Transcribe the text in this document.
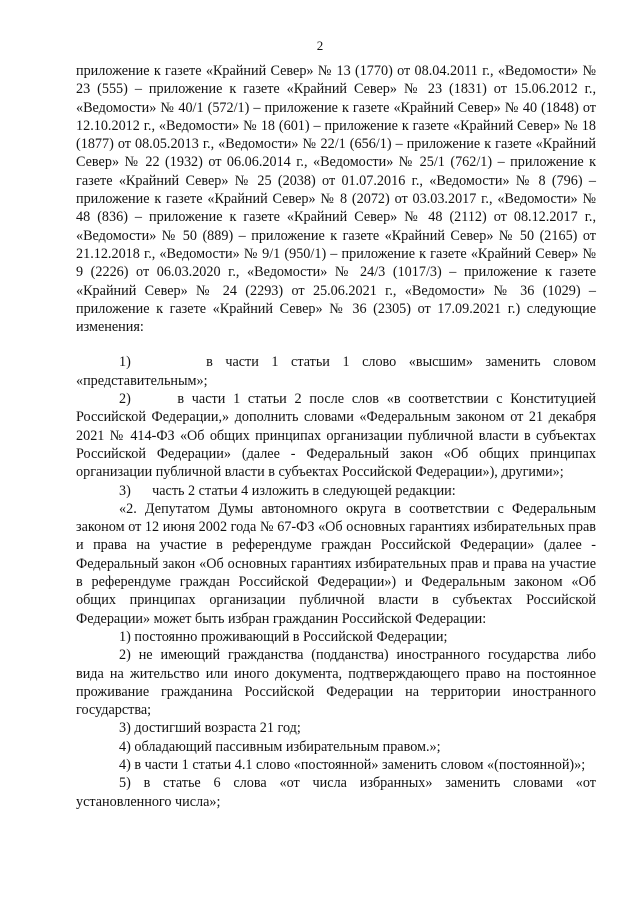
2

приложение к газете «Крайний Север» № 13 (1770) от 08.04.2011 г., «Ведомости» № 23 (555) – приложение к газете «Крайний Север» № 23 (1831) от 15.06.2012 г., «Ведомости» № 40/1 (572/1) – приложение к газете «Крайний Север» № 40 (1848) от 12.10.2012 г., «Ведомости» № 18 (601) – приложение к газете «Крайний Север» № 18 (1877) от 08.05.2013 г., «Ведомости» № 22/1 (656/1) – приложение к газете «Крайний Север» № 22 (1932) от 06.06.2014 г., «Ведомости» № 25/1 (762/1) – приложение к газете «Крайний Север» № 25 (2038) от 01.07.2016 г., «Ведомости» № 8 (796) – приложение к газете «Крайний Север» № 8 (2072) от 03.03.2017 г., «Ведомости» № 48 (836) – приложение к газете «Крайний Север» № 48 (2112) от 08.12.2017 г., «Ведомости» № 50 (889) – приложение к газете «Крайний Север» № 50 (2165) от 21.12.2018 г., «Ведомости» № 9/1 (950/1) – приложение к газете «Крайний Север» № 9 (2226) от 06.03.2020 г., «Ведомости» № 24/3 (1017/3) – приложение к газете «Крайний Север» № 24 (2293) от 25.06.2021 г., «Ведомости» № 36 (1029) – приложение к газете «Крайний Север» № 36 (2305) от 17.09.2021 г.) следующие изменения:

1)      в части 1 статьи 1 слово «высшим» заменить словом «представительным»;

2)      в части 1 статьи 2 после слов «в соответствии с Конституцией Российской Федерации,» дополнить словами «Федеральным законом от 21 декабря 2021 № 414-ФЗ «Об общих принципах организации публичной власти в субъектах Российской Федерации» (далее - Федеральный закон «Об общих принципах организации публичной власти в субъектах Российской Федерации»), другими»;

3)      часть 2 статьи 4 изложить в следующей редакции:

«2. Депутатом Думы автономного округа в соответствии с Федеральным законом от 12 июня 2002 года № 67-ФЗ «Об основных гарантиях избирательных прав и права на участие в референдуме граждан Российской Федерации» (далее - Федеральный закон «Об основных гарантиях избирательных прав и права на участие в референдуме граждан Российской Федерации») и Федеральным законом «Об общих принципах организации публичной власти в субъектах Российской Федерации» может быть избран гражданин Российской Федерации:

1) постоянно проживающий в Российской Федерации;

2) не имеющий гражданства (подданства) иностранного государства либо вида на жительство или иного документа, подтверждающего право на постоянное проживание гражданина Российской Федерации на территории иностранного государства;

3) достигший возраста 21 год;

4) обладающий пассивным избирательным правом.»;

4) в части 1 статьи 4.1 слово «постоянной» заменить словом «(постоянной)»;

5) в статье 6 слова «от числа избранных» заменить словами «от установленного числа»;
